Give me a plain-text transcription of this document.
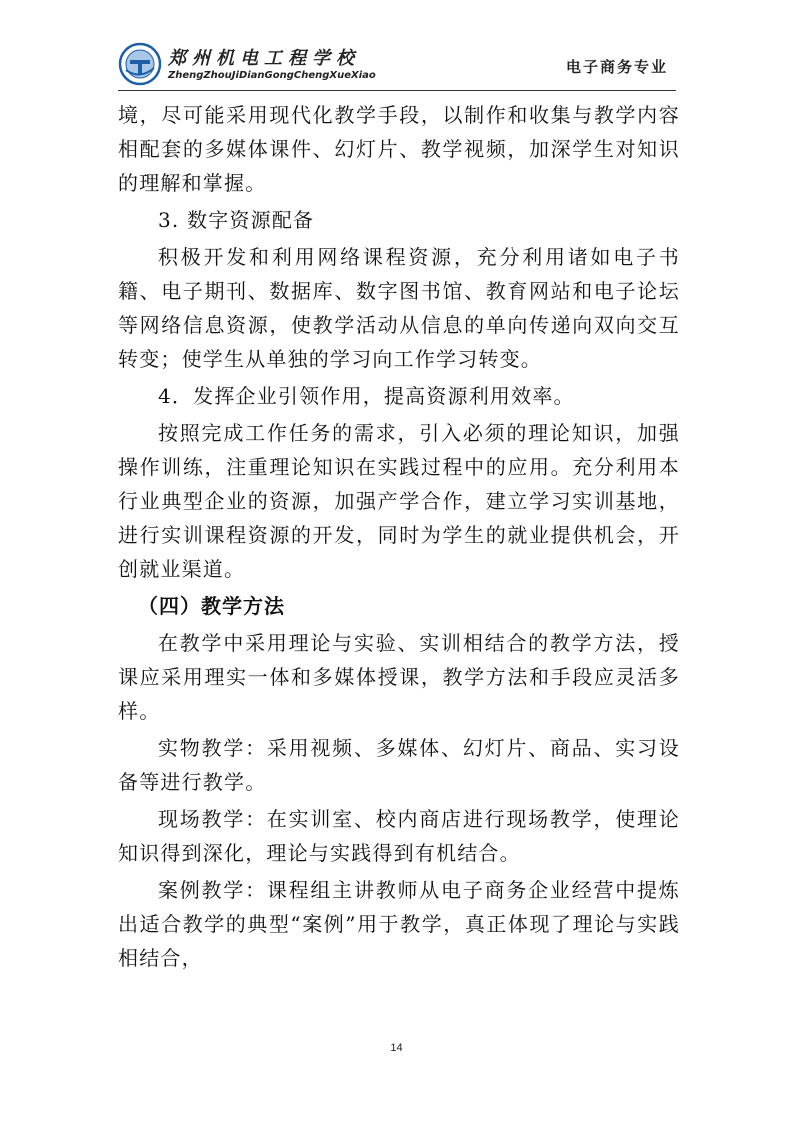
郑州机电工程学校
ZhengZhouJiDianGongChengXueXiao	电子商务专业

境，尽可能采用现代化教学手段，以制作和收集与教学内容相配套的多媒体课件、幻灯片、教学视频，加深学生对知识的理解和掌握。

3. 数字资源配备

积极开发和利用网络课程资源，充分利用诸如电子书籍、电子期刊、数据库、数字图书馆、教育网站和电子论坛等网络信息资源，使教学活动从信息的单向传递向双向交互转变；使学生从单独的学习向工作学习转变。

4．发挥企业引领作用，提高资源利用效率。

按照完成工作任务的需求，引入必须的理论知识，加强操作训练，注重理论知识在实践过程中的应用。充分利用本行业典型企业的资源，加强产学合作，建立学习实训基地，进行实训课程资源的开发，同时为学生的就业提供机会，开创就业渠道。

（四）教学方法

在教学中采用理论与实验、实训相结合的教学方法，授课应采用理实一体和多媒体授课，教学方法和手段应灵活多样。

实物教学：采用视频、多媒体、幻灯片、商品、实习设备等进行教学。

现场教学：在实训室、校内商店进行现场教学，使理论知识得到深化，理论与实践得到有机结合。

案例教学：课程组主讲教师从电子商务企业经营中提炼出适合教学的典型“案例”用于教学，真正体现了理论与实践相结合，

14
